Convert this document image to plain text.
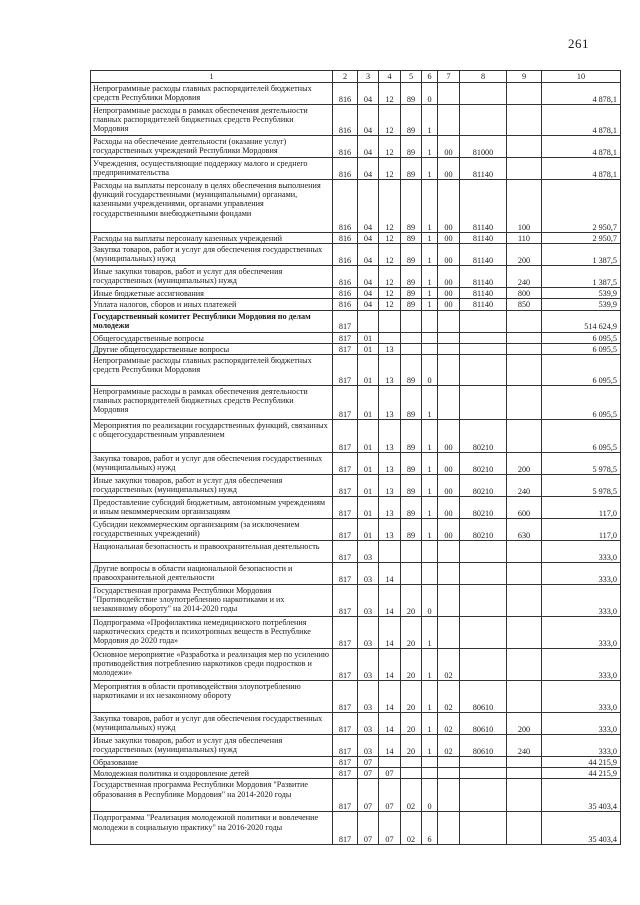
261
1	2	3	4	5	6	7	8	9	10
Непрограммные расходы главных распорядителей бюджетных средств Республики Мордовия	816	04	12	89	0				4 878,1
Непрограммные расходы в рамках обеспечения деятельности главных распорядителей бюджетных средств Республики Мордовия	816	04	12	89	1				4 878,1
Расходы на обеспечение деятельности (оказание услуг) государственных учреждений Республики Мордовия	816	04	12	89	1	00	81000		4 878,1
Учреждения, осуществляющие поддержку малого и среднего предпринимательства	816	04	12	89	1	00	81140		4 878,1
Расходы на выплаты персоналу в целях обеспечения выполнения функций государственными (муниципальными) органами, казенными учреждениями, органами управления государственными внебюджетными фондами	816	04	12	89	1	00	81140	100	2 950,7
Расходы на выплаты персоналу казенных учреждений	816	04	12	89	1	00	81140	110	2 950,7
Закупка товаров, работ и услуг для обеспечения государственных (муниципальных) нужд	816	04	12	89	1	00	81140	200	1 387,5
Иные закупки товаров, работ и услуг для обеспечения государственных (муниципальных) нужд	816	04	12	89	1	00	81140	240	1 387,5
Иные бюджетные ассигнования	816	04	12	89	1	00	81140	800	539,9
Уплата налогов, сборов и иных платежей	816	04	12	89	1	00	81140	850	539,9
Государственный комитет Республики Мордовия по делам молодежи	817								514 624,9
Общегосударственные вопросы	817	01							6 095,5
Другие общегосударственные вопросы	817	01	13						6 095,5
Непрограммные расходы главных распорядителей бюджетных средств Республики Мордовия	817	01	13	89	0				6 095,5
Непрограммные расходы в рамках обеспечения деятельности главных распорядителей бюджетных средств Республики Мордовия	817	01	13	89	1				6 095,5
Мероприятия по реализации государственных функций, связанных с общегосударственным управлением	817	01	13	89	1	00	80210		6 095,5
Закупка товаров, работ и услуг для обеспечения государственных (муниципальных) нужд	817	01	13	89	1	00	80210	200	5 978,5
Иные закупки товаров, работ и услуг для обеспечения государственных (муниципальных) нужд	817	01	13	89	1	00	80210	240	5 978,5
Предоставление субсидий бюджетным, автономным учреждениям и иным некоммерческим организациям	817	01	13	89	1	00	80210	600	117,0
Субсидии некоммерческим организациям (за исключением государственных учреждений)	817	01	13	89	1	00	80210	630	117,0
Национальная безопасность и правоохранительная деятельность	817	03							333,0
Другие вопросы в области национальной безопасности и правоохранительной деятельности	817	03	14						333,0
Государственная программа Республики Мордовия "Противодействие злоупотреблению наркотиками и их незаконному обороту" на 2014-2020 годы	817	03	14	20	0				333,0
Подпрограмма «Профилактика немедицинского потребления наркотических средств и психотропных веществ в Республике Мордовия до 2020 года»	817	03	14	20	1				333,0
Основное мероприятие «Разработка и реализация мер по усилению противодействия потреблению наркотиков среди подростков и молодежи»	817	03	14	20	1	02			333,0
Мероприятия в области противодействия злоупотреблению наркотиками и их незаконному обороту	817	03	14	20	1	02	80610		333,0
Закупка товаров, работ и услуг для обеспечения государственных (муниципальных) нужд	817	03	14	20	1	02	80610	200	333,0
Иные закупки товаров, работ и услуг для обеспечения государственных (муниципальных) нужд	817	03	14	20	1	02	80610	240	333,0
Образование	817	07							44 215,9
Молодежная политика и оздоровление детей	817	07	07						44 215,9
Государственная программа Республики Мордовия "Развитие образования в Республике Мордовия" на 2014-2020 годы	817	07	07	02	0				35 403,4
Подпрограмма "Реализация молодежной политики и вовлечение молодежи в социальную практику" на 2016-2020 годы	817	07	07	02	6				35 403,4
